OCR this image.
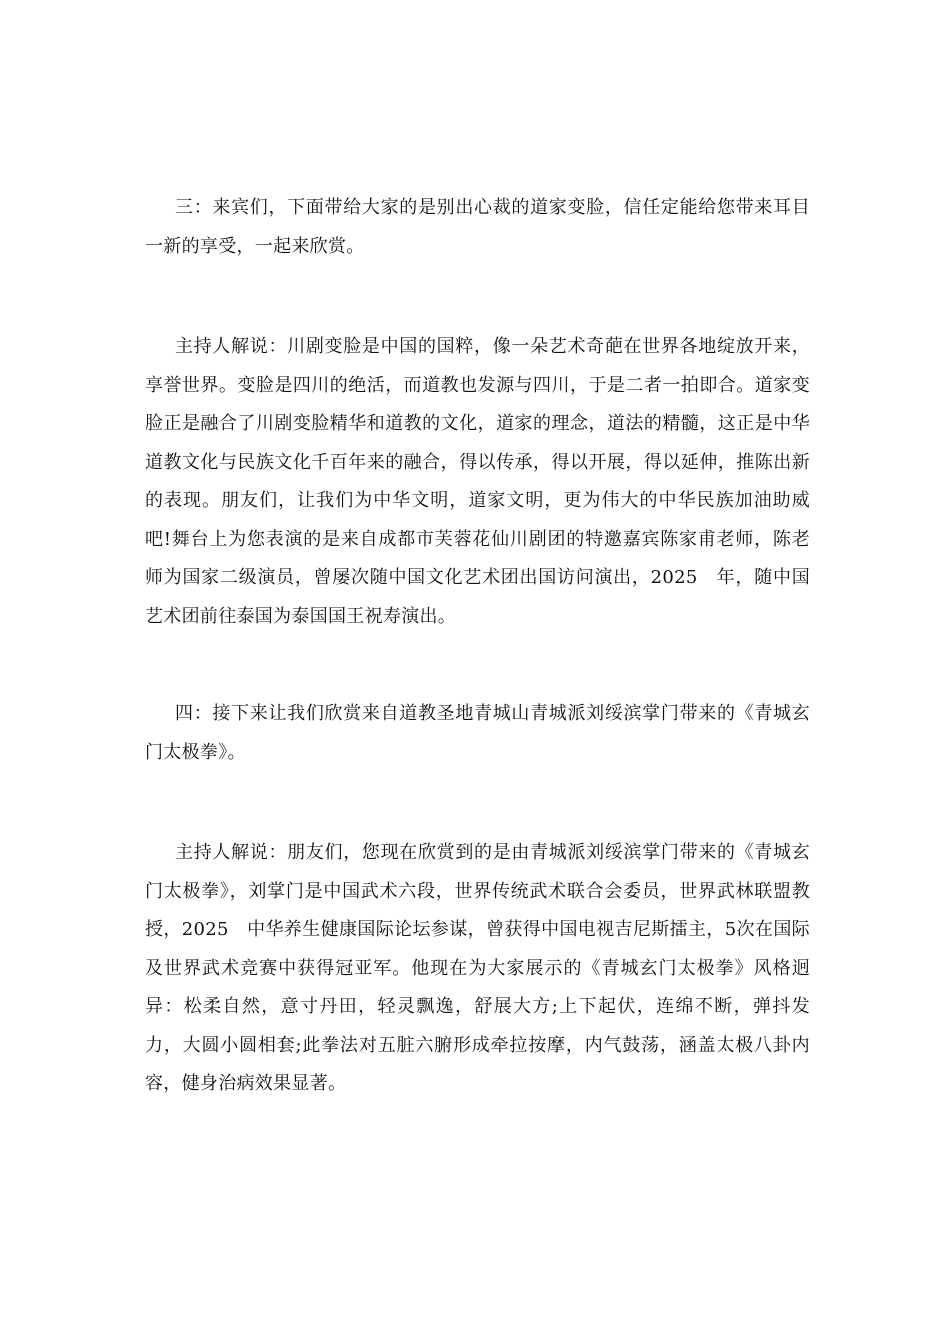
三：来宾们，下面带给大家的是别出心裁的道家变脸，信任定能给您带来耳目一新的享受，一起来欣赏。

主持人解说：川剧变脸是中国的国粹，像一朵艺术奇葩在世界各地绽放开来，享誉世界。变脸是四川的绝活，而道教也发源与四川，于是二者一拍即合。道家变脸正是融合了川剧变脸精华和道教的文化，道家的理念，道法的精髓，这正是中华道教文化与民族文化千百年来的融合，得以传承，得以开展，得以延伸，推陈出新的表现。朋友们，让我们为中华文明，道家文明，更为伟大的中华民族加油助威吧!舞台上为您表演的是来自成都市芙蓉花仙川剧团的特邀嘉宾陈家甫老师，陈老师为国家二级演员，曾屡次随中国文化艺术团出国访问演出，2025　年，随中国艺术团前往泰国为泰国国王祝寿演出。

四：接下来让我们欣赏来自道教圣地青城山青城派刘绥滨掌门带来的《青城玄门太极拳》。

主持人解说：朋友们，您现在欣赏到的是由青城派刘绥滨掌门带来的《青城玄门太极拳》，刘掌门是中国武术六段，世界传统武术联合会委员，世界武林联盟教授，2025　中华养生健康国际论坛参谋，曾获得中国电视吉尼斯擂主，5次在国际及世界武术竞赛中获得冠亚军。他现在为大家展示的《青城玄门太极拳》风格迥异：松柔自然，意寸丹田，轻灵飘逸，舒展大方;上下起伏，连绵不断，弹抖发力，大圆小圆相套;此拳法对五脏六腑形成牵拉按摩，内气鼓荡，涵盖太极八卦内容，健身治病效果显著。
